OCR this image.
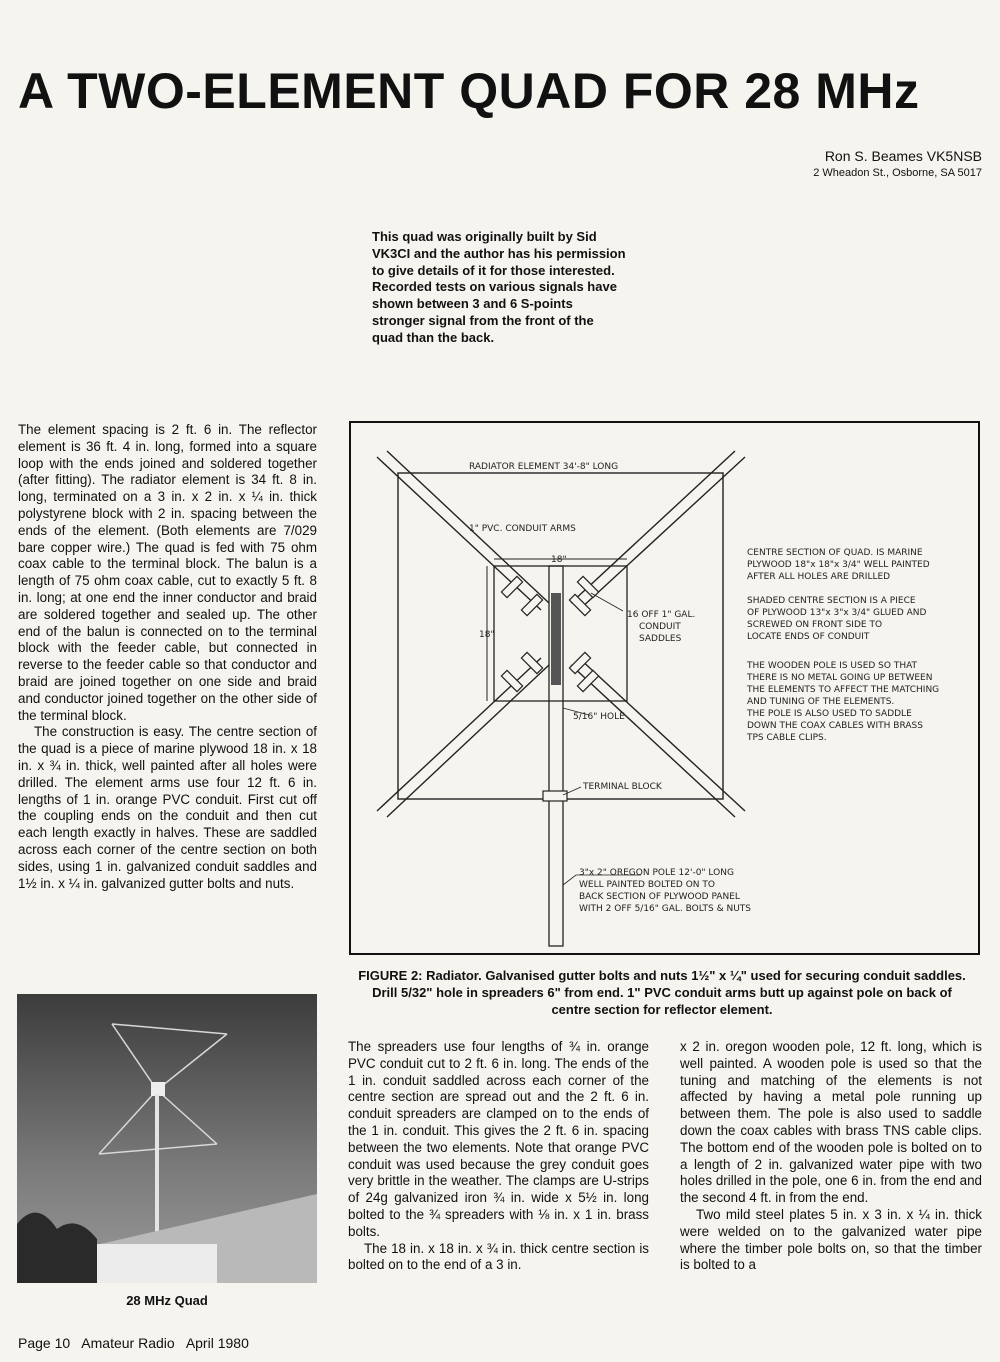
A TWO-ELEMENT QUAD FOR 28 MHz
Ron S. Beames VK5NSB
2 Wheadon St., Osborne, SA 5017
This quad was originally built by Sid VK3CI and the author has his permission to give details of it for those interested. Recorded tests on various signals have shown between 3 and 6 S-points stronger signal from the front of the quad than the back.

The element spacing is 2 ft. 6 in. The reflector element is 36 ft. 4 in. long, formed into a square loop with the ends joined and soldered together (after fitting). The radiator element is 34 ft. 8 in. long, terminated on a 3 in. x 2 in. x ¼ in. thick polystyrene block with 2 in. spacing between the ends of the element. (Both elements are 7/029 bare copper wire.) The quad is fed with 75 ohm coax cable to the terminal block. The balun is a length of 75 ohm coax cable, cut to exactly 5 ft. 8 in. long; at one end the inner conductor and braid are soldered together and sealed up. The other end of the balun is connected on to the terminal block with the feeder cable, but connected in reverse to the feeder cable so that conductor and braid are joined together on one side and braid and conductor joined together on the other side of the terminal block.

The construction is easy. The centre section of the quad is a piece of marine plywood 18 in. x 18 in. x ¾ in. thick, well painted after all holes were drilled. The element arms use four 12 ft. 6 in. lengths of 1 in. orange PVC conduit. First cut off the coupling ends on the conduit and then cut each length exactly in halves. These are saddled across each corner of the centre section on both sides, using 1 in. galvanized conduit saddles and 1½ in. x ¼ in. galvanized gutter bolts and nuts.

RADIATOR ELEMENT 34'-8" LONG
1" PVC. CONDUIT ARMS
18"
18"
16 OFF 1" GAL.
CONDUIT
SADDLES
5/16" HOLE
TERMINAL BLOCK
CENTRE SECTION OF QUAD. IS MARINE
PLYWOOD 18"x 18"x 3/4" WELL PAINTED
AFTER ALL HOLES ARE DRILLED
SHADED CENTRE SECTION IS A PIECE
OF PLYWOOD 13"x 3"x 3/4" GLUED AND
SCREWED ON FRONT SIDE TO
LOCATE ENDS OF CONDUIT
THE WOODEN POLE IS USED SO THAT
THERE IS NO METAL GOING UP BETWEEN
THE ELEMENTS TO AFFECT THE MATCHING
AND TUNING OF THE ELEMENTS.
THE POLE IS ALSO USED TO SADDLE
DOWN THE COAX CABLES WITH BRASS
TPS CABLE CLIPS.
3"x 2" OREGON POLE 12'-0" LONG
WELL PAINTED BOLTED ON TO
BACK SECTION OF PLYWOOD PANEL
WITH 2 OFF 5/16" GAL. BOLTS & NUTS
FIGURE 2: Radiator. Galvanised gutter bolts and nuts 1½" x ¼" used for securing conduit saddles. Drill 5/32" hole in spreaders 6" from end. 1" PVC conduit arms butt up against pole on back of centre section for reflector element.
28 MHz Quad

The spreaders use four lengths of ¾ in. orange PVC conduit cut to 2 ft. 6 in. long. The ends of the 1 in. conduit saddled across each corner of the centre section are spread out and the 2 ft. 6 in. conduit spreaders are clamped on to the ends of the 1 in. conduit. This gives the 2 ft. 6 in. spacing between the two elements. Note that orange PVC conduit was used because the grey conduit goes very brittle in the weather. The clamps are U-strips of 24g galvanized iron ¾ in. wide x 5½ in. long bolted to the ¾ spreaders with ⅛ in. x 1 in. brass bolts.

The 18 in. x 18 in. x ¾ in. thick centre section is bolted on to the end of a 3 in.

x 2 in. oregon wooden pole, 12 ft. long, which is well painted. A wooden pole is used so that the tuning and matching of the elements is not affected by having a metal pole running up between them. The pole is also used to saddle down the coax cables with brass TNS cable clips. The bottom end of the wooden pole is bolted on to a length of 2 in. galvanized water pipe with two holes drilled in the pole, one 6 in. from the end and the second 4 ft. in from the end.

Two mild steel plates 5 in. x 3 in. x ¼ in. thick were welded on to the galvanized water pipe where the timber pole bolts on, so that the timber is bolted to a

Page 10 Amateur Radio April 1980
